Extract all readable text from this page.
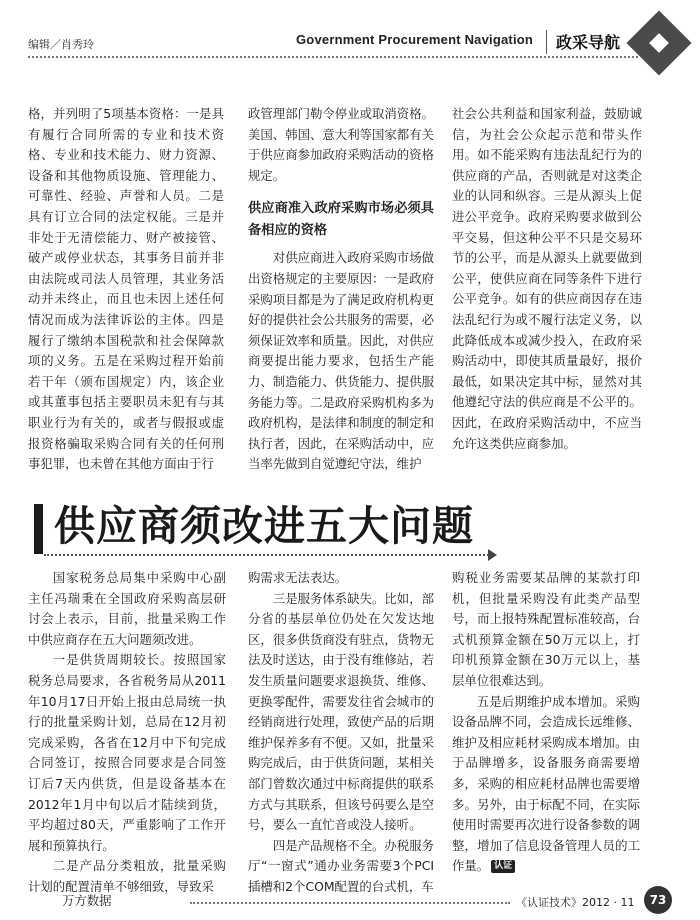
编辑／肖秀玲	Government Procurement Navigation 政采导航

格，并列明了5项基本资格：一是具有履行合同所需的专业和技术资格、专业和技术能力、财力资源、设备和其他物质设施、管理能力、可靠性、经验、声誉和人员。二是具有订立合同的法定权能。三是并非处于无清偿能力、财产被接管、破产或停业状态，其事务目前并非由法院或司法人员管理，其业务活动并未终止，而且也未因上述任何情况而成为法律诉讼的主体。四是履行了缴纳本国税款和社会保障款项的义务。五是在采购过程开始前若干年（颁布国规定）内，该企业或其董事包括主要职员未犯有与其职业行为有关的，或者与假报或虚报资格骗取采购合同有关的任何刑事犯罪，也未曾在其他方面由于行

政管理部门勒令停业或取消资格。美国、韩国、意大利等国家都有关于供应商参加政府采购活动的资格规定。

供应商准入政府采购市场必须具备相应的资格

对供应商进入政府采购市场做出资格规定的主要原因：一是政府采购项目都是为了满足政府机构更好的提供社会公共服务的需要，必须保证效率和质量。因此，对供应商要提出能力要求，包括生产能力、制造能力、供货能力、提供服务能力等。二是政府采购机构多为政府机构，是法律和制度的制定和执行者，因此，在采购活动中，应当率先做到自觉遵纪守法，维护

社会公共利益和国家利益，鼓励诚信，为社会公众起示范和带头作用。如不能采购有违法乱纪行为的供应商的产品，否则就是对这类企业的认同和纵容。三是从源头上促进公平竞争。政府采购要求做到公平交易，但这种公平不只是交易环节的公平，而是从源头上就要做到公平，使供应商在同等条件下进行公平竞争。如有的供应商因存在违法乱纪行为或不履行法定义务，以此降低成本或减少投入，在政府采购活动中，即使其质量最好，报价最低，如果决定其中标，显然对其他遵纪守法的供应商是不公平的。因此，在政府采购活动中，不应当允许这类供应商参加。

供应商须改进五大问题

国家税务总局集中采购中心副主任冯瑞秉在全国政府采购高层研讨会上表示，目前，批量采购工作中供应商存在五大问题须改进。

一是供货周期较长。按照国家税务总局要求，各省税务局从2011年10月17日开始上报由总局统一执行的批量采购计划，总局在12月初完成采购，各省在12月中下旬完成合同签订，按照合同要求是合同签订后7天内供货，但是设备基本在2012年1月中旬以后才陆续到货，平均超过80天，严重影响了工作开展和预算执行。

二是产品分类粗放，批量采购计划的配置清单不够细致，导致采

购需求无法表达。

三是服务体系缺失。比如，部分省的基层单位仍处在欠发达地区，很多供货商没有驻点，货物无法及时送达，由于没有维修站，若发生质量问题要求退换货、维修、更换零配件，需要发往省会城市的经销商进行处理，致使产品的后期维护保养多有不便。又如，批量采购完成后，由于供货问题，某相关部门曾数次通过中标商提供的联系方式与其联系，但该号码要么是空号，要么一直忙音或没人接听。

四是产品规格不全。办税服务厅“一窗式”通办业务需要3个PCI插槽和2个COM配置的台式机，车

购税业务需要某品牌的某款打印机，但批量采购没有此类产品型号，而上报特殊配置标准较高，台式机预算金额在50万元以上，打印机预算金额在30万元以上，基层单位很难达到。

五是后期维护成本增加。采购设备品牌不同，会造成长远维修、维护及相应耗材采购成本增加。由于品牌增多，设备服务商需要增多，采购的相应耗材品牌也需要增多。另外，由于标配不同，在实际使用时需要再次进行设备参数的调整，增加了信息设备管理人员的工作量。 认证

万方数据	《认证技术》2012 · 11	73
